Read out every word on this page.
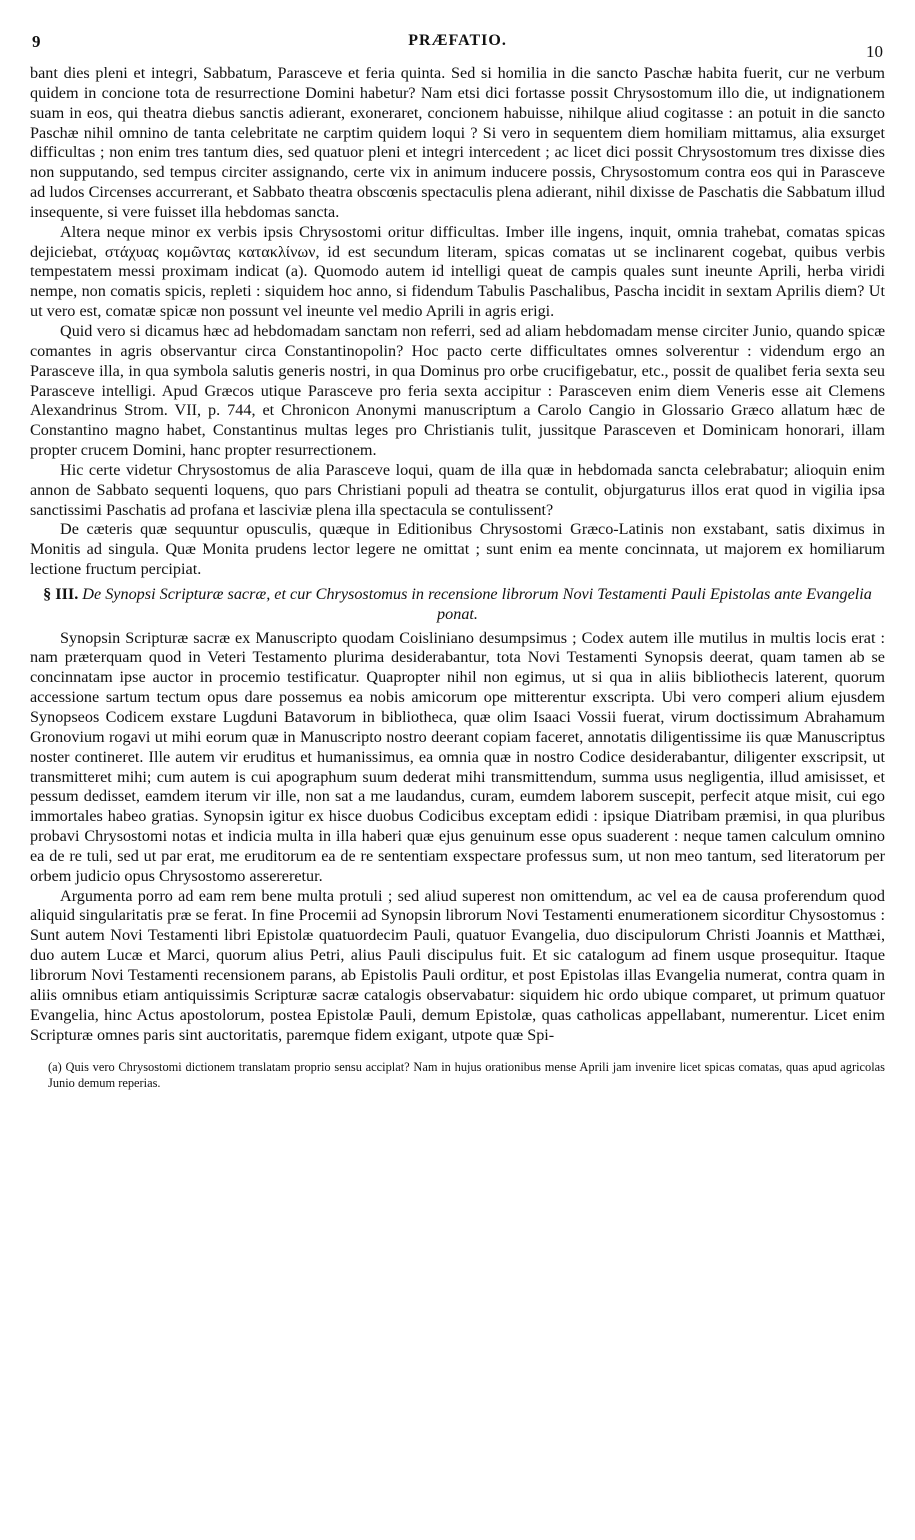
9	PRÆFATIO.
10

bant dies pleni et integri, Sabbatum, Parasceve et feria quinta. Sed si homilia in die sancto Paschæ habita fuerit, cur ne verbum quidem in concione tota de resurrectione Domini habetur? Nam etsi dici fortasse possit Chrysostomum illo die, ut indignationem suam in eos, qui theatra diebus sanctis adierant, exoneraret, concionem habuisse, nihilque aliud cogitasse : an potuit in die sancto Paschæ nihil omnino de tanta celebritate ne carptim quidem loqui ? Si vero in sequentem diem homiliam mittamus, alia exsurget difficultas ; non enim tres tantum dies, sed quatuor pleni et integri intercedent ; ac licet dici possit Chrysostomum tres dixisse dies non supputando, sed tempus circiter assignando, certe vix in animum inducere possis, Chrysostomum contra eos qui in Parasceve ad ludos Circenses accurrerant, et Sabbato theatra obscœnis spectaculis plena adierant, nihil dixisse de Paschatis die Sabbatum illud insequente, si vere fuisset illa hebdomas sancta.

Altera neque minor ex verbis ipsis Chrysostomi oritur difficultas. Imber ille ingens, inquit, omnia trahebat, comatas spicas dejiciebat, στάχυας κομῶντας κατακλίνων, id est secundum literam, spicas comatas ut se inclinarent cogebat, quibus verbis tempestatem messi proximam indicat (a). Quomodo autem id intelligi queat de campis quales sunt ineunte Aprili, herba viridi nempe, non comatis spicis, repleti : siquidem hoc anno, si fidendum Tabulis Paschalibus, Pascha incidit in sextam Aprilis diem? Ut ut vero est, comatæ spicæ non possunt vel ineunte vel medio Aprili in agris erigi.

Quid vero si dicamus hæc ad hebdomadam sanctam non referri, sed ad aliam hebdomadam mense circiter Junio, quando spicæ comantes in agris observantur circa Constantinopolin? Hoc pacto certe difficultates omnes solverentur : videndum ergo an Parasceve illa, in qua symbola salutis generis nostri, in qua Dominus pro orbe crucifigebatur, etc., possit de qualibet feria sexta seu Parasceve intelligi. Apud Græcos utique Parasceve pro feria sexta accipitur : Parasceven enim diem Veneris esse ait Clemens Alexandrinus Strom. VII, p. 744, et Chronicon Anonymi manuscriptum a Carolo Cangio in Glossario Græco allatum hæc de Constantino magno habet, Constantinus multas leges pro Christianis tulit, jussitque Parasceven et Dominicam honorari, illam propter crucem Domini, hanc propter resurrectionem.

Hic certe videtur Chrysostomus de alia Parasceve loqui, quam de illa quæ in hebdomada sancta celebrabatur; alioquin enim annon de Sabbato sequenti loquens, quo pars Christiani populi ad theatra se contulit, objurgaturus illos erat quod in vigilia ipsa sanctissimi Paschatis ad profana et lasciviæ plena illa spectacula se contulissent?

De cæteris quæ sequuntur opusculis, quæque in Editionibus Chrysostomi Græco-Latinis non exstabant, satis diximus in Monitis ad singula. Quæ Monita prudens lector legere ne omittat ; sunt enim ea mente concinnata, ut majorem ex homiliarum lectione fructum percipiat.

§ III. De Synopsi Scripturæ sacræ, et cur Chrysostomus in recensione librorum Novi Testamenti Pauli Epistolas ante Evangelia ponat.

Synopsin Scripturæ sacræ ex Manuscripto quodam Coisliniano desumpsimus ; Codex autem ille mutilus in multis locis erat : nam præterquam quod in Veteri Testamento plurima desiderabantur, tota Novi Testamenti Synopsis deerat, quam tamen ab se concinnatam ipse auctor in procemio testificatur. Quapropter nihil non egimus, ut si qua in aliis bibliothecis laterent, quorum accessione sartum tectum opus dare possemus ea nobis amicorum ope mitterentur exscripta. Ubi vero comperi alium ejusdem Synopseos Codicem exstare Lugduni Batavorum in bibliotheca, quæ olim Isaaci Vossii fuerat, virum doctissimum Abrahamum Gronovium rogavi ut mihi eorum quæ in Manuscripto nostro deerant copiam faceret, annotatis diligentissime iis quæ Manuscriptus noster contineret. Ille autem vir eruditus et humanissimus, ea omnia quæ in nostro Codice desiderabantur, diligenter exscripsit, ut transmitteret mihi; cum autem is cui apographum suum dederat mihi transmittendum, summa usus negligentia, illud amisisset, et pessum dedisset, eamdem iterum vir ille, non sat a me laudandus, curam, eumdem laborem suscepit, perfecit atque misit, cui ego immortales habeo gratias. Synopsin igitur ex hisce duobus Codicibus exceptam edidi : ipsique Diatribam præmisi, in qua pluribus probavi Chrysostomi notas et indicia multa in illa haberi quæ ejus genuinum esse opus suaderent : neque tamen calculum omnino ea de re tuli, sed ut par erat, me eruditorum ea de re sententiam exspectare professus sum, ut non meo tantum, sed literatorum per orbem judicio opus Chrysostomo assereretur.

Argumenta porro ad eam rem bene multa protuli ; sed aliud superest non omittendum, ac vel ea de causa proferendum quod aliquid singularitatis præ se ferat. In fine Procemii ad Synopsin librorum Novi Testamenti enumerationem sicorditur Chysostomus : Sunt autem Novi Testamenti libri Epistolæ quatuordecim Pauli, quatuor Evangelia, duo discipulorum Christi Joannis et Matthæi, duo autem Lucæ et Marci, quorum alius Petri, alius Pauli discipulus fuit. Et sic catalogum ad finem usque prosequitur. Itaque librorum Novi Testamenti recensionem parans, ab Epistolis Pauli orditur, et post Epistolas illas Evangelia numerat, contra quam in aliis omnibus etiam antiquissimis Scripturæ sacræ catalogis observabatur: siquidem hic ordo ubique comparet, ut primum quatuor Evangelia, hinc Actus apostolorum, postea Epistolæ Pauli, demum Epistolæ, quas catholicas appellabant, numerentur. Licet enim Scripturæ omnes paris sint auctoritatis, paremque fidem exigant, utpote quæ Spi-

(a) Quis vero Chrysostomi dictionem translatam proprio sensu acciplat? Nam in hujus orationibus mense Aprili jam invenire licet spicas comatas, quas apud agricolas Junio demum reperias.
